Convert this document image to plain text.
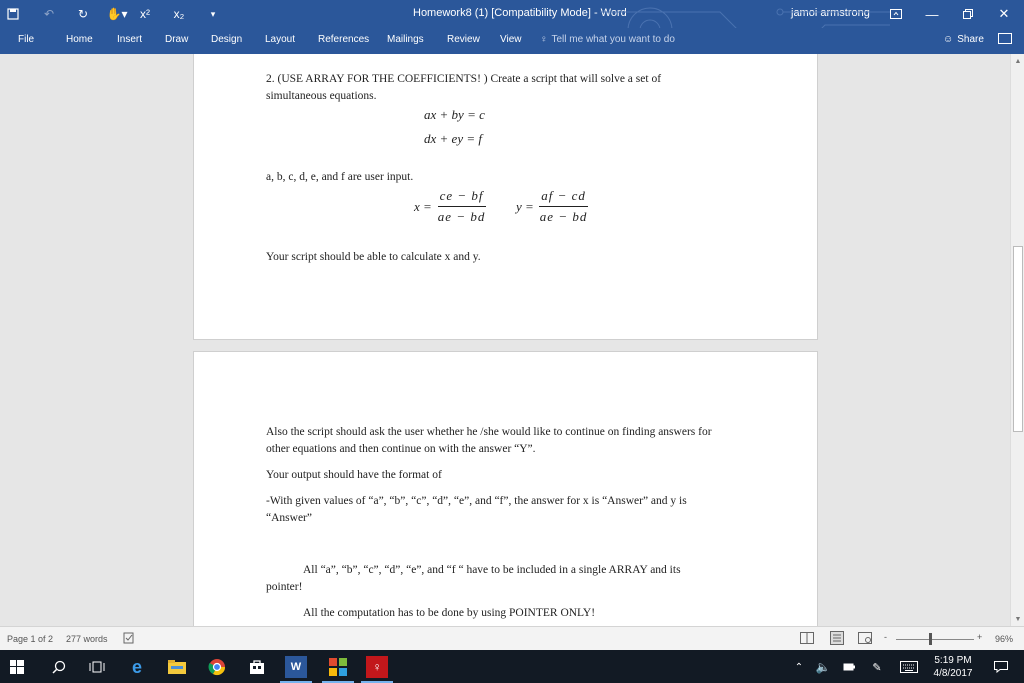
↶	↻	✋▾	x²	x₂	▾	Homework8 (1) [Compatibility Mode] - Word	jamoi armstrong	—	✕
File	Home Insert Draw Design Layout References Mailings Review View ♀ Tell me what you want to do	☺ Share
2. (USE ARRAY FOR THE COEFFICIENTS! ) Create a script that will solve a set of
simultaneous equations.
ax + by = c
dx + ey = f
a, b, c, d, e, and f are user input.
$x = \frac{ce - bf}{ae - bd}$ $y = \frac{af - cd}{ae - bd}$
Your script should be able to calculate x and y.
Also the script should ask the user whether he /she would like to continue on finding answers for
other equations and then continue on with the answer “Y”.
Your output should have the format of
-With given values of “a”, “b”, “c”, “d”, “e”, and “f”, the answer for x is “Answer” and y is
“Answer”
All “a”, “b”, “c”, “d”, “e”, and “f “ have to be included in a single ARRAY and its
pointer!
All the computation has to be done by using POINTER ONLY!
▲
▼
Page 1 of 2 277 words	-	+ 96%
e	W	♀	⌃	🔈	✎
5:19 PM
4/8/2017
